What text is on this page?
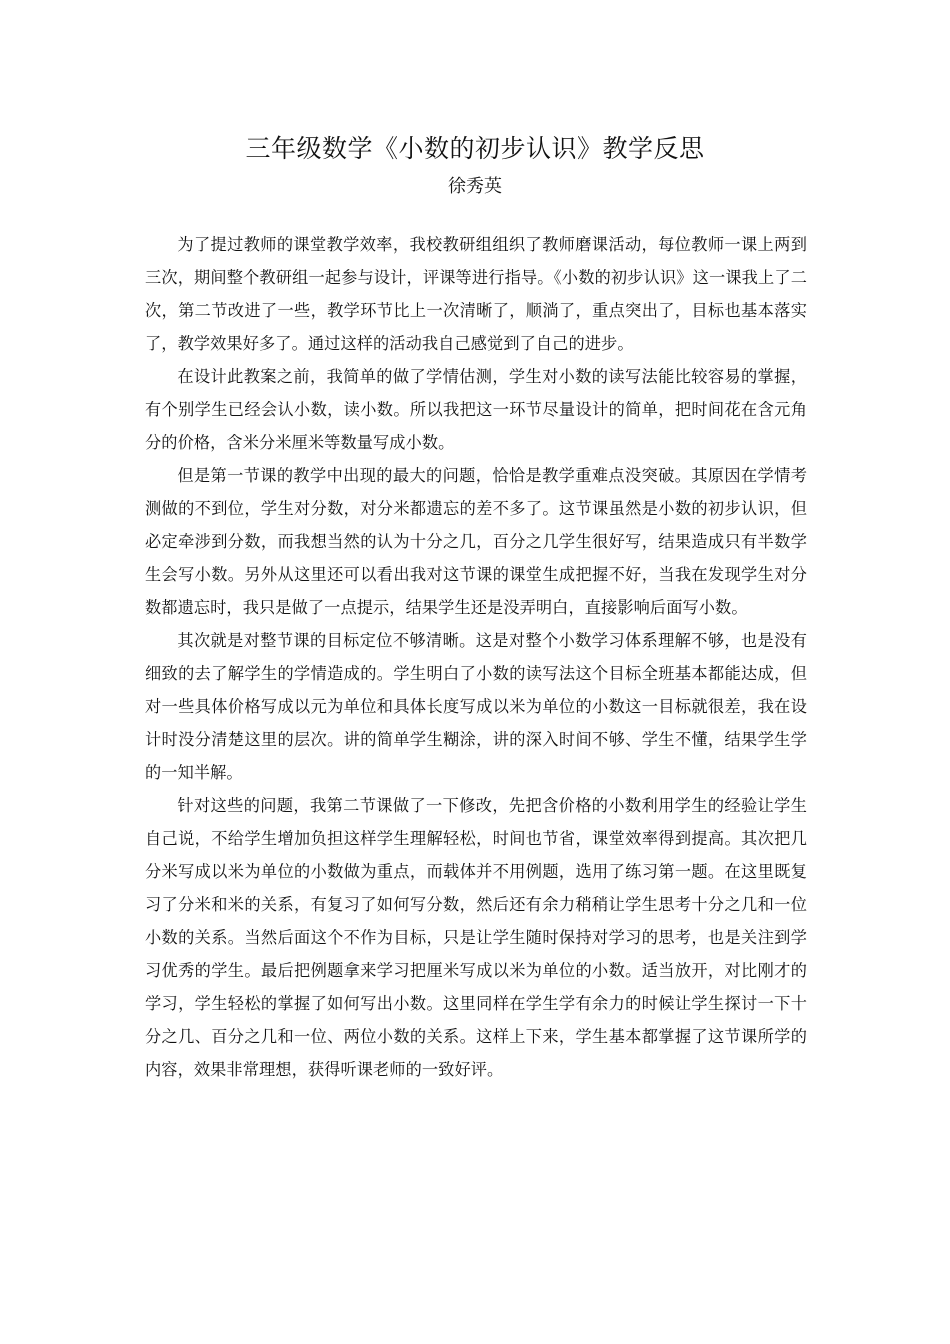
三年级数学《小数的初步认识》教学反思

徐秀英

为了提过教师的课堂教学效率，我校教研组组织了教师磨课活动，每位教师一课上两到三次，期间整个教研组一起参与设计，评课等进行指导。《小数的初步认识》这一课我上了二次，第二节改进了一些，教学环节比上一次清晰了，顺淌了，重点突出了，目标也基本落实了，教学效果好多了。通过这样的活动我自己感觉到了自己的进步。

在设计此教案之前，我简单的做了学情估测，学生对小数的读写法能比较容易的掌握，有个别学生已经会认小数，读小数。所以我把这一环节尽量设计的简单，把时间花在含元角分的价格，含米分米厘米等数量写成小数。

但是第一节课的教学中出现的最大的问题，恰恰是教学重难点没突破。其原因在学情考测做的不到位，学生对分数，对分米都遗忘的差不多了。这节课虽然是小数的初步认识，但必定牵涉到分数，而我想当然的认为十分之几，百分之几学生很好写，结果造成只有半数学生会写小数。另外从这里还可以看出我对这节课的课堂生成把握不好，当我在发现学生对分数都遗忘时，我只是做了一点提示，结果学生还是没弄明白，直接影响后面写小数。

其次就是对整节课的目标定位不够清晰。这是对整个小数学习体系理解不够，也是没有细致的去了解学生的学情造成的。学生明白了小数的读写法这个目标全班基本都能达成，但对一些具体价格写成以元为单位和具体长度写成以米为单位的小数这一目标就很差，我在设计时没分清楚这里的层次。讲的简单学生糊涂，讲的深入时间不够、学生不懂，结果学生学的一知半解。

针对这些的问题，我第二节课做了一下修改，先把含价格的小数利用学生的经验让学生自己说，不给学生增加负担这样学生理解轻松，时间也节省，课堂效率得到提高。其次把几分米写成以米为单位的小数做为重点，而载体并不用例题，选用了练习第一题。在这里既复习了分米和米的关系，有复习了如何写分数，然后还有余力稍稍让学生思考十分之几和一位小数的关系。当然后面这个不作为目标，只是让学生随时保持对学习的思考，也是关注到学习优秀的学生。最后把例题拿来学习把厘米写成以米为单位的小数。适当放开，对比刚才的学习，学生轻松的掌握了如何写出小数。这里同样在学生学有余力的时候让学生探讨一下十分之几、百分之几和一位、两位小数的关系。这样上下来，学生基本都掌握了这节课所学的内容，效果非常理想，获得听课老师的一致好评。
